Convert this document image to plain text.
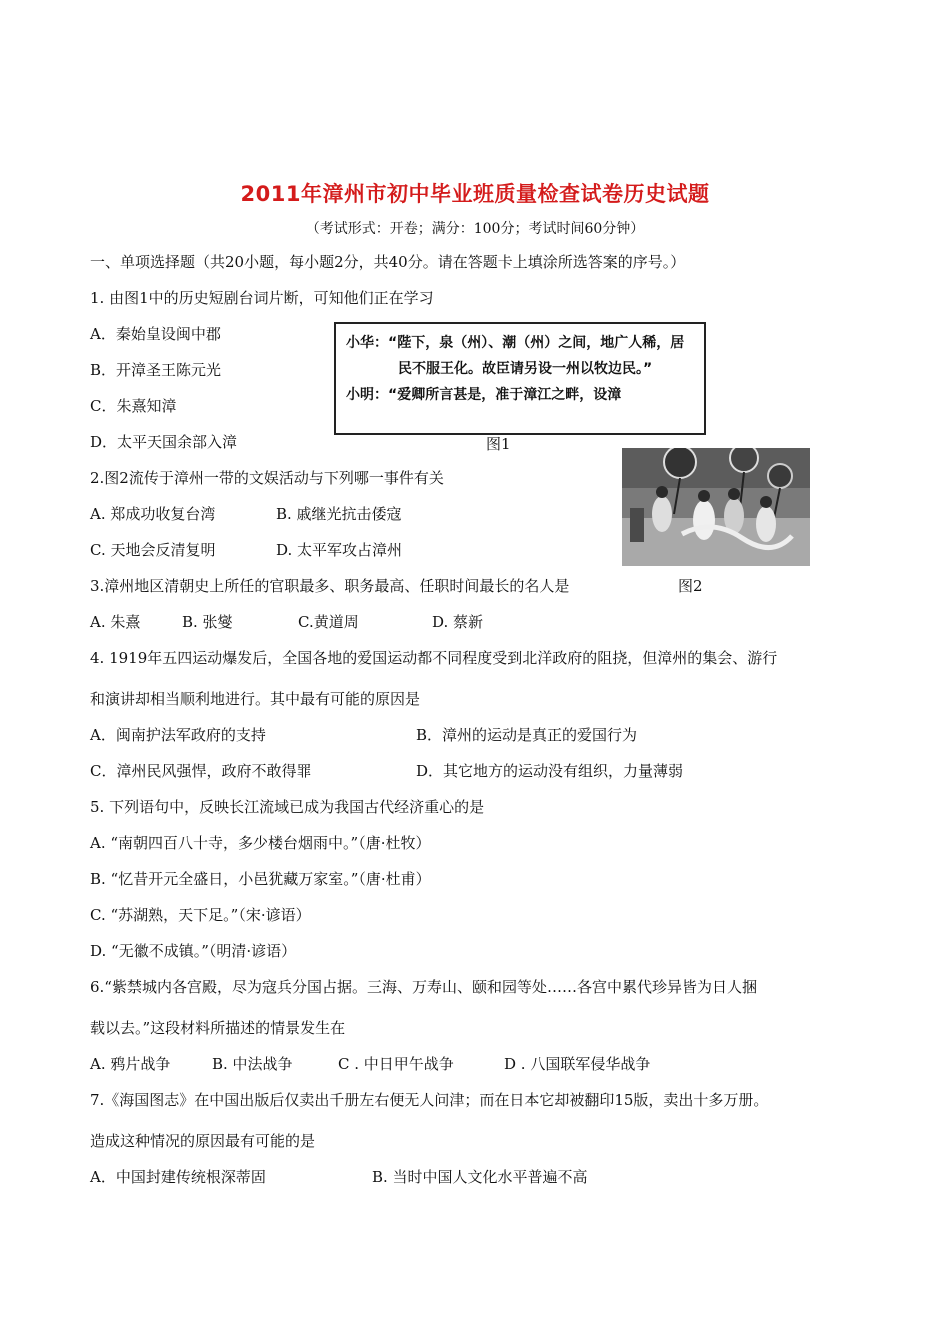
2011年漳州市初中毕业班质量检查试卷历史试题
（考试形式：开卷；满分：100分；考试时间60分钟）
一、单项选择题（共20小题，每小题2分，共40分。请在答题卡上填涂所选答案的序号。）
1. 由图1中的历史短剧台词片断，可知他们正在学习
A．秦始皇设闽中郡
B．开漳圣王陈元光
C．朱熹知漳
D．太平天国余部入漳
小华：“陛下，泉（州）、潮（州）之间，地广人稀，居民不服王化。故臣请另设一州以牧边民。”
小明：“爱卿所言甚是，准于漳江之畔，设漳
图1
2.图2流传于漳州一带的文娱活动与下列哪一事件有关
A. 郑成功收复台湾	B. 戚继光抗击倭寇
C. 天地会反清复明	D. 太平军攻占漳州
3.漳州地区清朝史上所任的官职最多、职务最高、任职时间最长的名人是	图2
A. 朱熹	B. 张燮	C.黄道周	D. 蔡新
4. 1919年五四运动爆发后，全国各地的爱国运动都不同程度受到北洋政府的阻挠，但漳州的集会、游行
和演讲却相当顺利地进行。其中最有可能的原因是
A．闽南护法军政府的支持	B．漳州的运动是真正的爱国行为
C．漳州民风强悍，政府不敢得罪	D．其它地方的运动没有组织，力量薄弱
5. 下列语句中，反映长江流域已成为我国古代经济重心的是
A. “南朝四百八十寺，多少楼台烟雨中。”（唐·杜牧）
B. “忆昔开元全盛日，小邑犹藏万家室。”（唐·杜甫）
C. “苏湖熟，天下足。”（宋·谚语）
D. “无徽不成镇。”（明清·谚语）
6.“紫禁城内各宫殿，尽为寇兵分国占据。三海、万寿山、颐和园等处……各宫中累代珍异皆为日人捆
载以去。”这段材料所描述的情景发生在
A. 鸦片战争	B. 中法战争	C . 中日甲午战争	D . 八国联军侵华战争
7.《海国图志》在中国出版后仅卖出千册左右便无人问津；而在日本它却被翻印15版，卖出十多万册。
造成这种情况的原因最有可能的是
A．中国封建传统根深蒂固	B. 当时中国人文化水平普遍不高
